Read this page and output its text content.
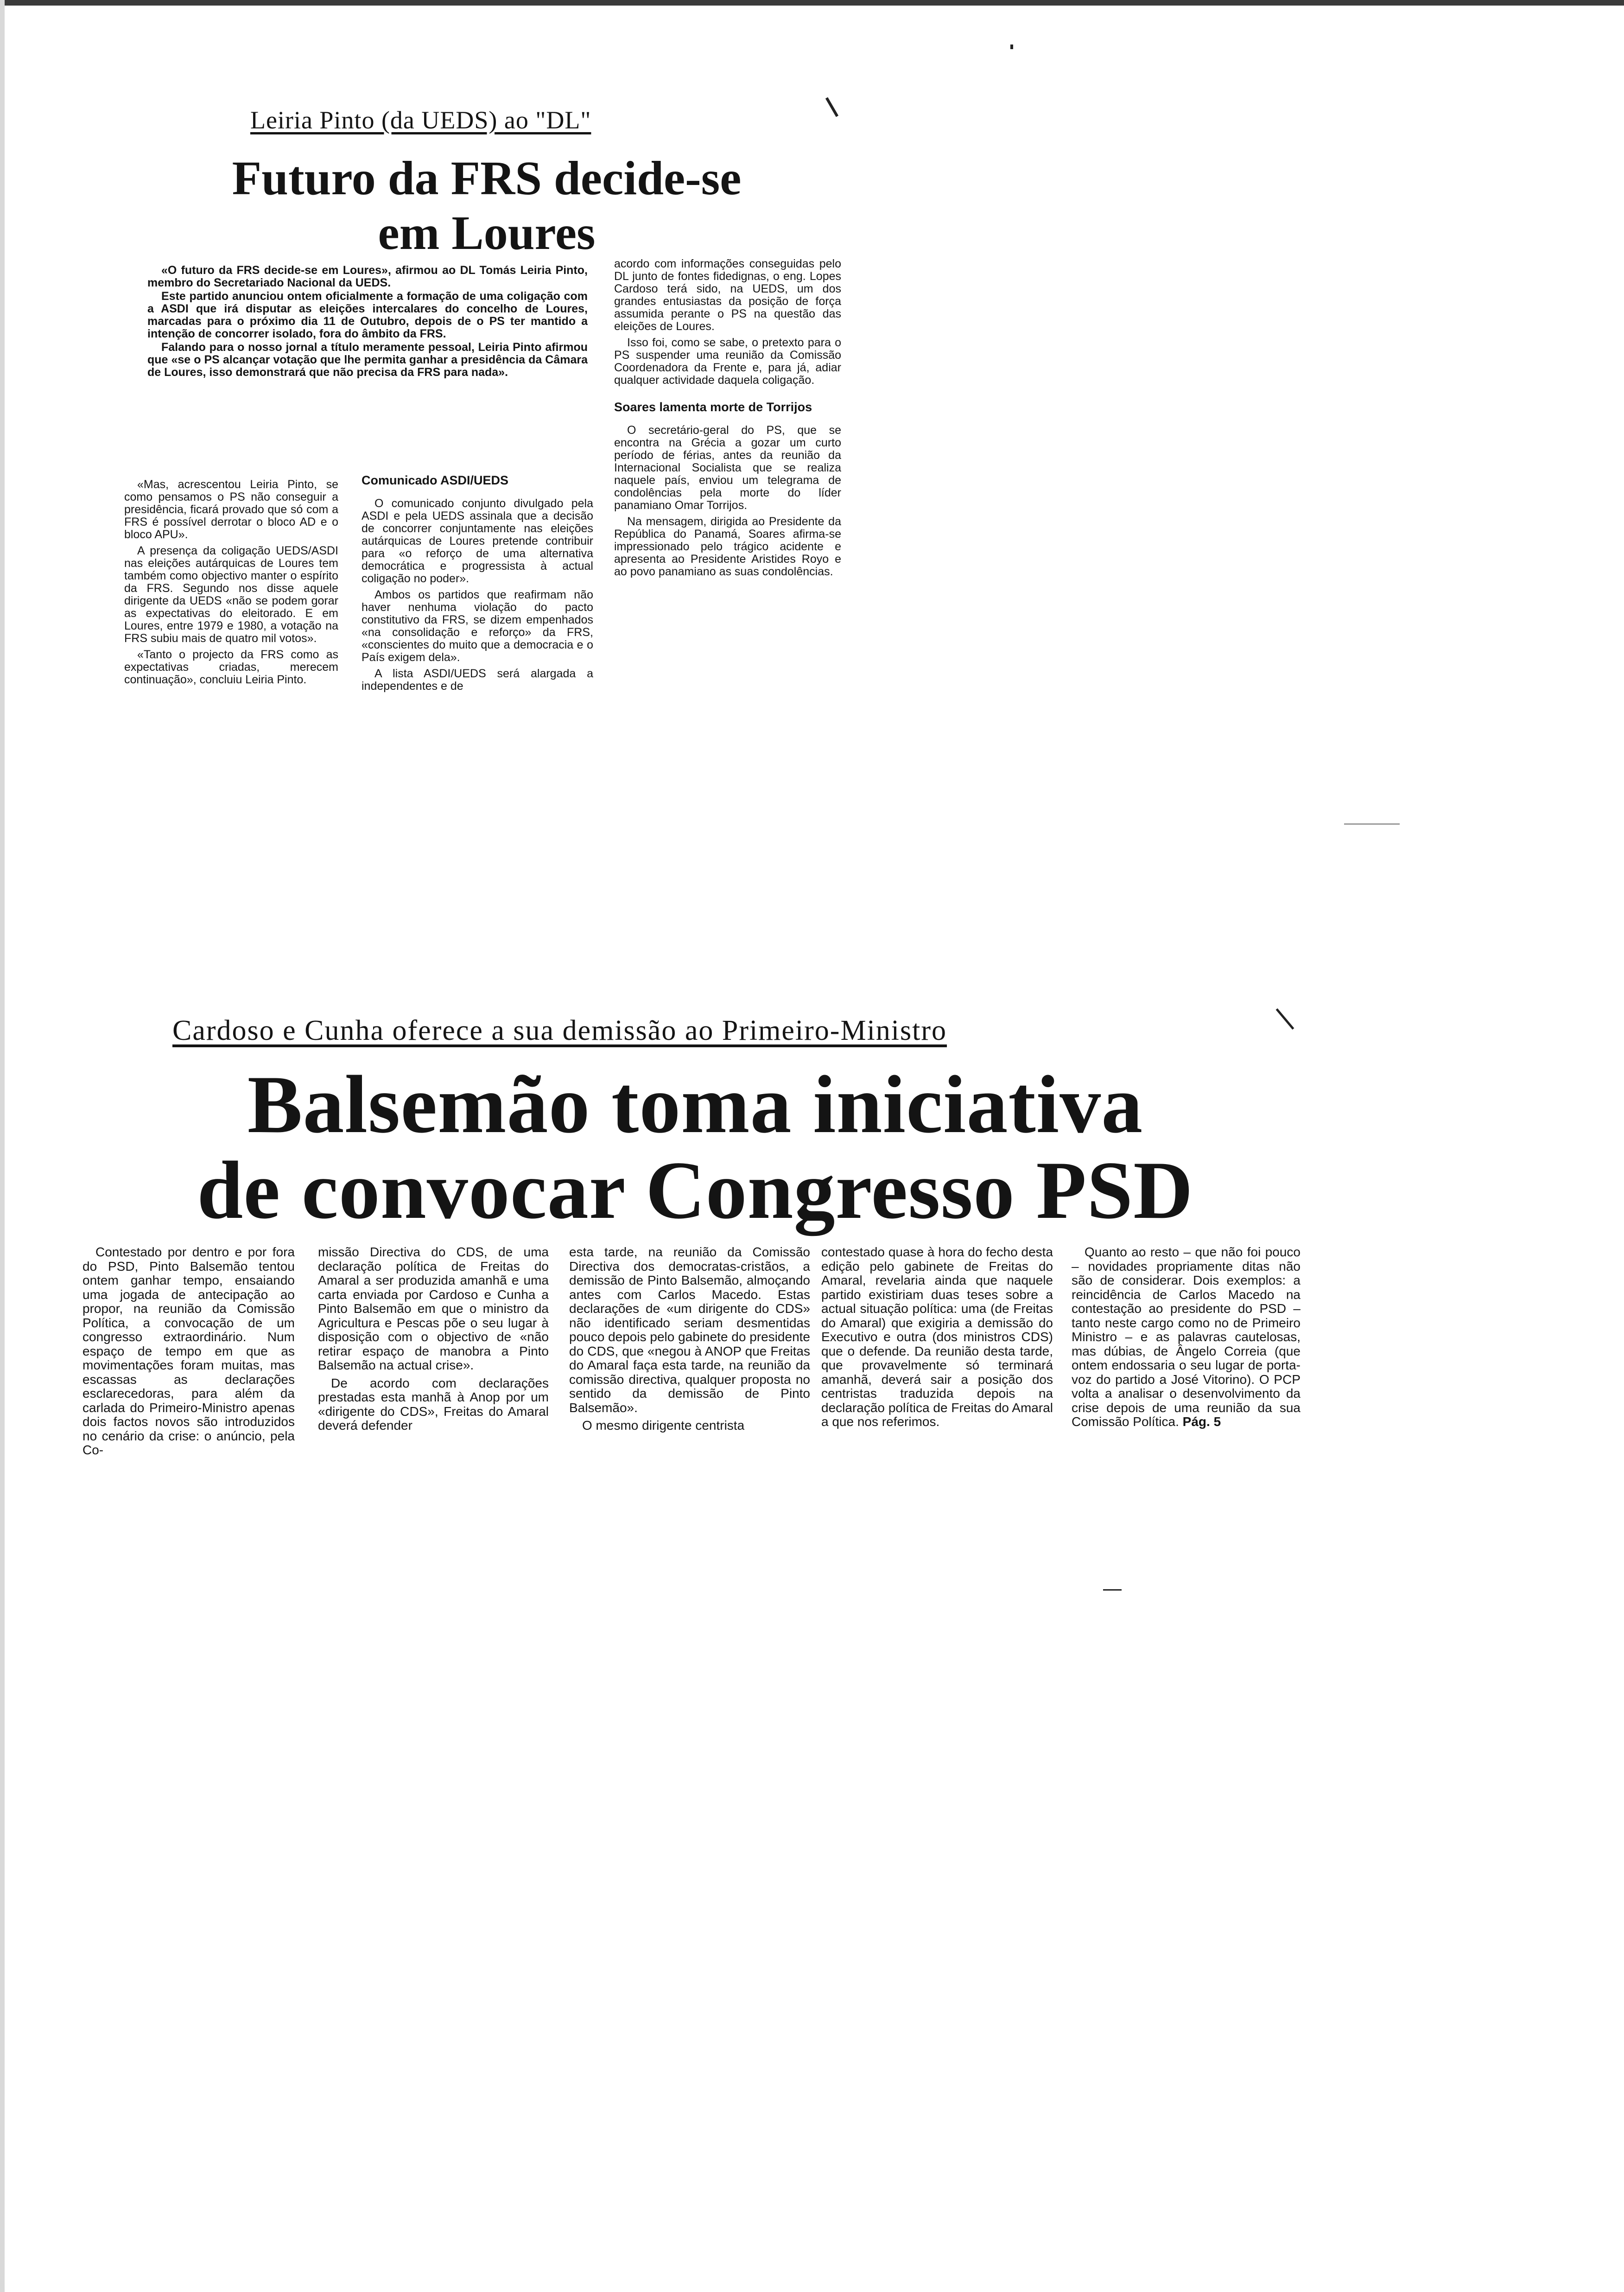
Leiria Pinto (da UEDS) ao "DL"
Futuro da FRS decide-se
em Loures

«O futuro da FRS decide-se em Loures», afirmou ao DL Tomás Leiria Pinto, membro do Secretariado Nacional da UEDS.

Este partido anunciou ontem oficialmente a formação de uma coligação com a ASDI que irá disputar as eleições intercalares do concelho de Loures, marcadas para o próximo dia 11 de Outubro, depois de o PS ter mantido a intenção de concorrer isolado, fora do âmbito da FRS.

Falando para o nosso jornal a título meramente pessoal, Leiria Pinto afirmou que «se o PS alcançar votação que lhe permita ganhar a presidência da Câmara de Loures, isso demonstrará que não precisa da FRS para nada».

«Mas, acrescentou Leiria Pinto, se como pensamos o PS não conseguir a presidência, ficará provado que só com a FRS é possível derrotar o bloco AD e o bloco APU».

A presença da coligação UEDS/ASDI nas eleições autárquicas de Loures tem também como objectivo manter o espírito da FRS. Segundo nos disse aquele dirigente da UEDS «não se podem gorar as expectativas do eleitorado. E em Loures, entre 1979 e 1980, a votação na FRS subiu mais de quatro mil votos».

«Tanto o projecto da FRS como as expectativas criadas, merecem continuação», concluiu Leiria Pinto.

Comunicado ASDI/UEDS

O comunicado conjunto divulgado pela ASDI e pela UEDS assinala que a decisão de concorrer conjuntamente nas eleições autárquicas de Loures pretende contribuir para «o reforço de uma alternativa democrática e progressista à actual coligação no poder».

Ambos os partidos que reafirmam não haver nenhuma violação do pacto constitutivo da FRS, se dizem empenhados «na consolidação e reforço» da FRS, «conscientes do muito que a democracia e o País exigem dela».

A lista ASDI/UEDS será alargada a independentes e de

acordo com informações conseguidas pelo DL junto de fontes fidedignas, o eng. Lopes Cardoso terá sido, na UEDS, um dos grandes entusiastas da posição de força assumida perante o PS na questão das eleições de Loures.

Isso foi, como se sabe, o pretexto para o PS suspender uma reunião da Comissão Coordenadora da Frente e, para já, adiar qualquer actividade daquela coligação.

Soares lamenta morte de Torrijos

O secretário-geral do PS, que se encontra na Grécia a gozar um curto período de férias, antes da reunião da Internacional Socialista que se realiza naquele país, enviou um telegrama de condolências pela morte do líder panamiano Omar Torrijos.

Na mensagem, dirigida ao Presidente da República do Panamá, Soares afirma-se impressionado pelo trágico acidente e apresenta ao Presidente Aristides Royo e ao povo panamiano as suas condolências.

Cardoso e Cunha oferece a sua demissão ao Primeiro-Ministro
Balsemão toma iniciativa
de convocar Congresso PSD

Contestado por dentro e por fora do PSD, Pinto Balsemão tentou ontem ganhar tempo, ensaiando uma jogada de antecipação ao propor, na reunião da Comissão Política, a convocação de um congresso extraordinário. Num espaço de tempo em que as movimentações foram muitas, mas escassas as declarações esclarecedoras, para além da carlada do Primeiro-Ministro apenas dois factos novos são introduzidos no cenário da crise: o anúncio, pela Co-

missão Directiva do CDS, de uma declaração política de Freitas do Amaral a ser produzida amanhã e uma carta enviada por Cardoso e Cunha a Pinto Balsemão em que o ministro da Agricultura e Pescas põe o seu lugar à disposição com o objectivo de «não retirar espaço de manobra a Pinto Balsemão na actual crise».

De acordo com declarações prestadas esta manhã à Anop por um «dirigente do CDS», Freitas do Amaral deverá defender

esta tarde, na reunião da Comissão Directiva dos democratas-cristãos, a demissão de Pinto Balsemão, almoçando antes com Carlos Macedo. Estas declarações de «um dirigente do CDS» não identificado seriam desmentidas pouco depois pelo gabinete do presidente do CDS, que «negou à ANOP que Freitas do Amaral faça esta tarde, na reunião da comissão directiva, qualquer proposta no sentido da demissão de Pinto Balsemão».

O mesmo dirigente centrista

contestado quase à hora do fecho desta edição pelo gabinete de Freitas do Amaral, revelaria ainda que naquele partido existiriam duas teses sobre a actual situação política: uma (de Freitas do Amaral) que exigiria a demissão do Executivo e outra (dos ministros CDS) que o defende. Da reunião desta tarde, que provavelmente só terminará amanhã, deverá sair a posição dos centristas traduzida depois na declaração política de Freitas do Amaral a que nos referimos.

Quanto ao resto – que não foi pouco – novidades propriamente ditas não são de considerar. Dois exemplos: a reincidência de Carlos Macedo na contestação ao presidente do PSD – tanto neste cargo como no de Primeiro Ministro – e as palavras cautelosas, mas dúbias, de Ângelo Correia (que ontem endossaria o seu lugar de porta-voz do partido a José Vitorino). O PCP volta a analisar o desenvolvimento da crise depois de uma reunião da sua Comissão Política. Pág. 5
